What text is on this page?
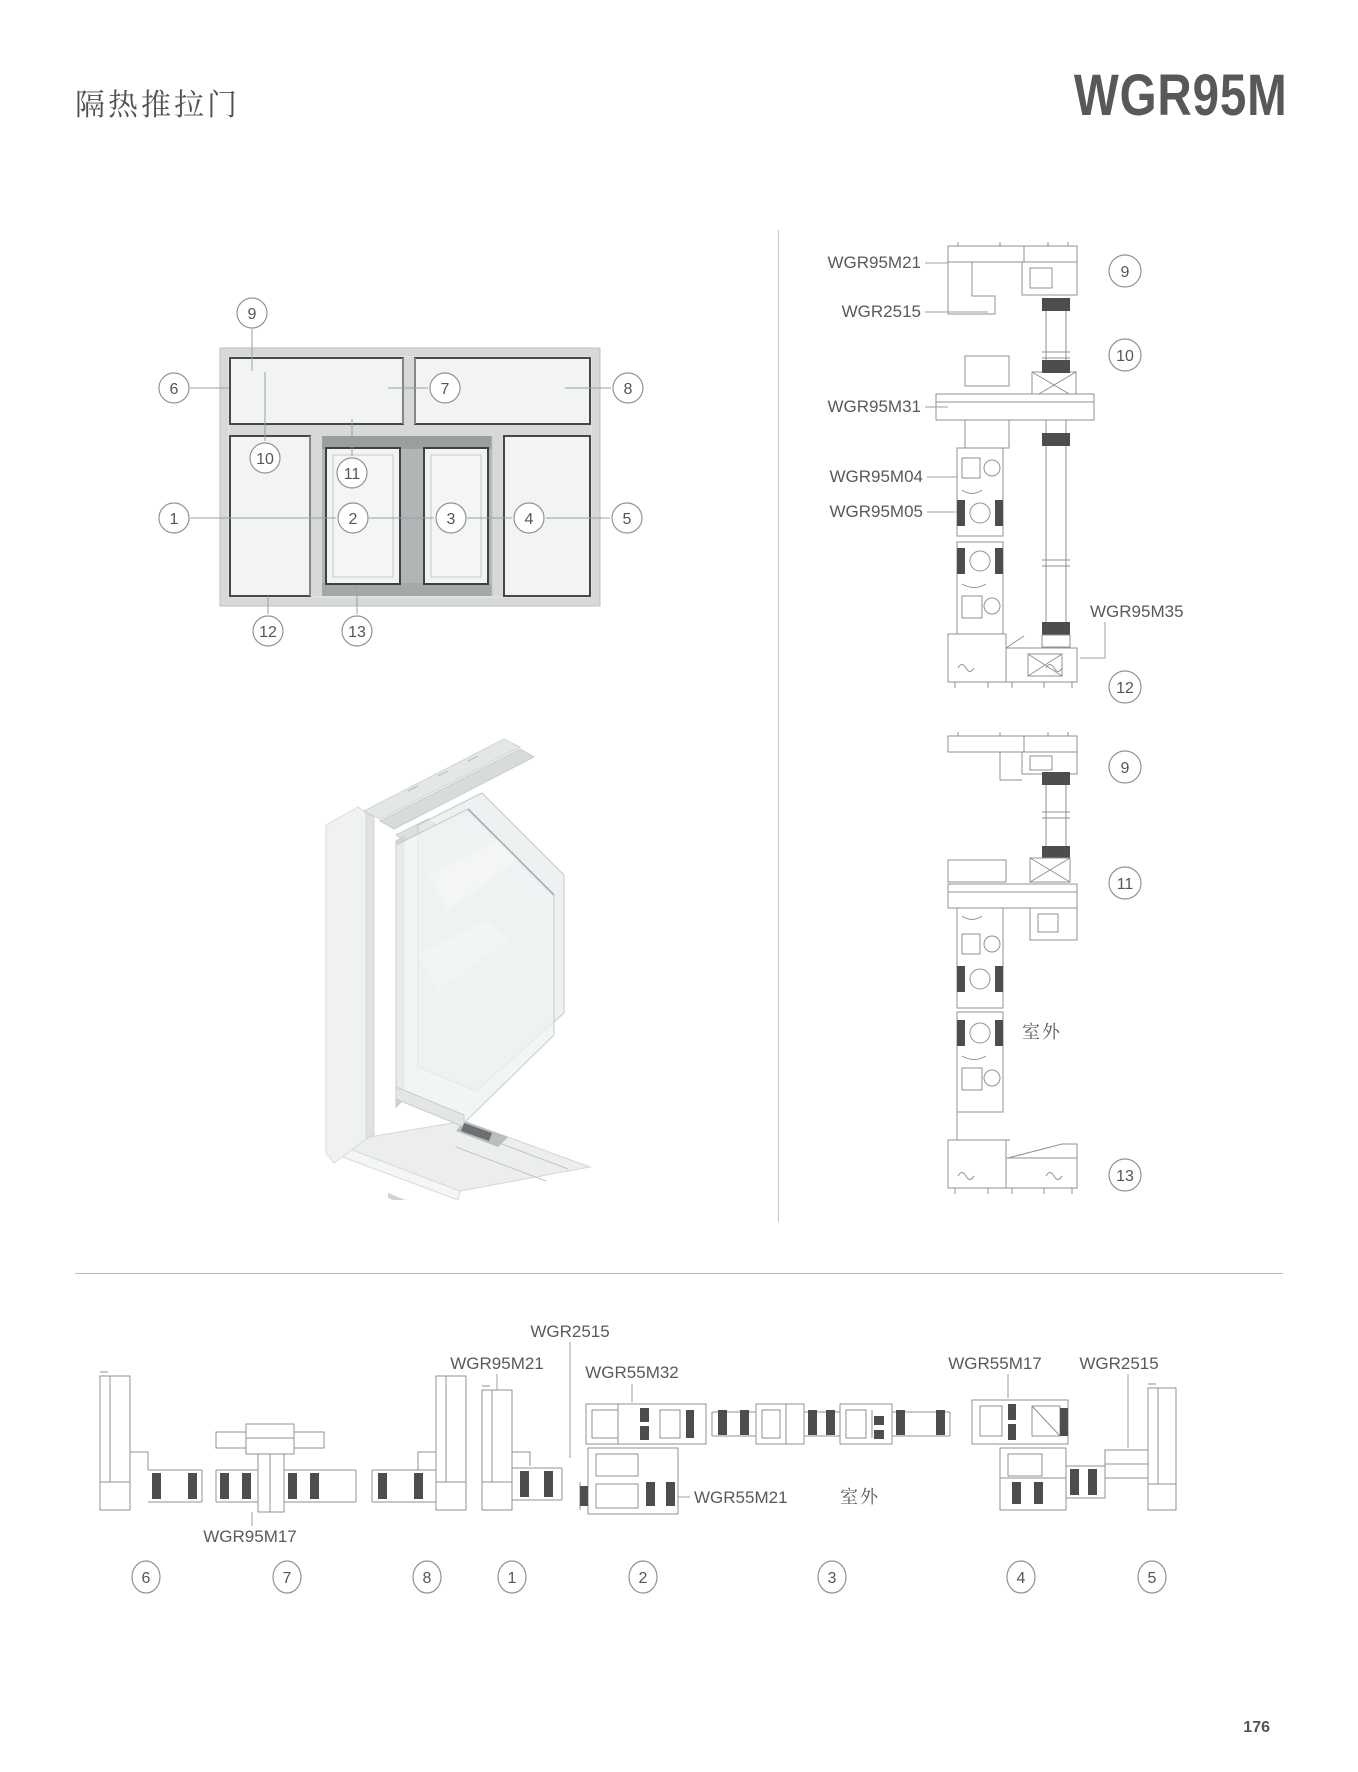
隔热推拉门	WGR95M
9
6	7	8
10
11
1	2	3	4	5
12	13
WGR95M21
WGR2515
WGR95M31
WGR95M04
WGR95M05
WGR95M35
9
10
12
室外
9
11
13
WGR2515
WGR95M21 WGR55M32
WGR95M17
WGR55M21	室外
WGR55M17 WGR2515
6	7	8	1	2	3	4	5
176
